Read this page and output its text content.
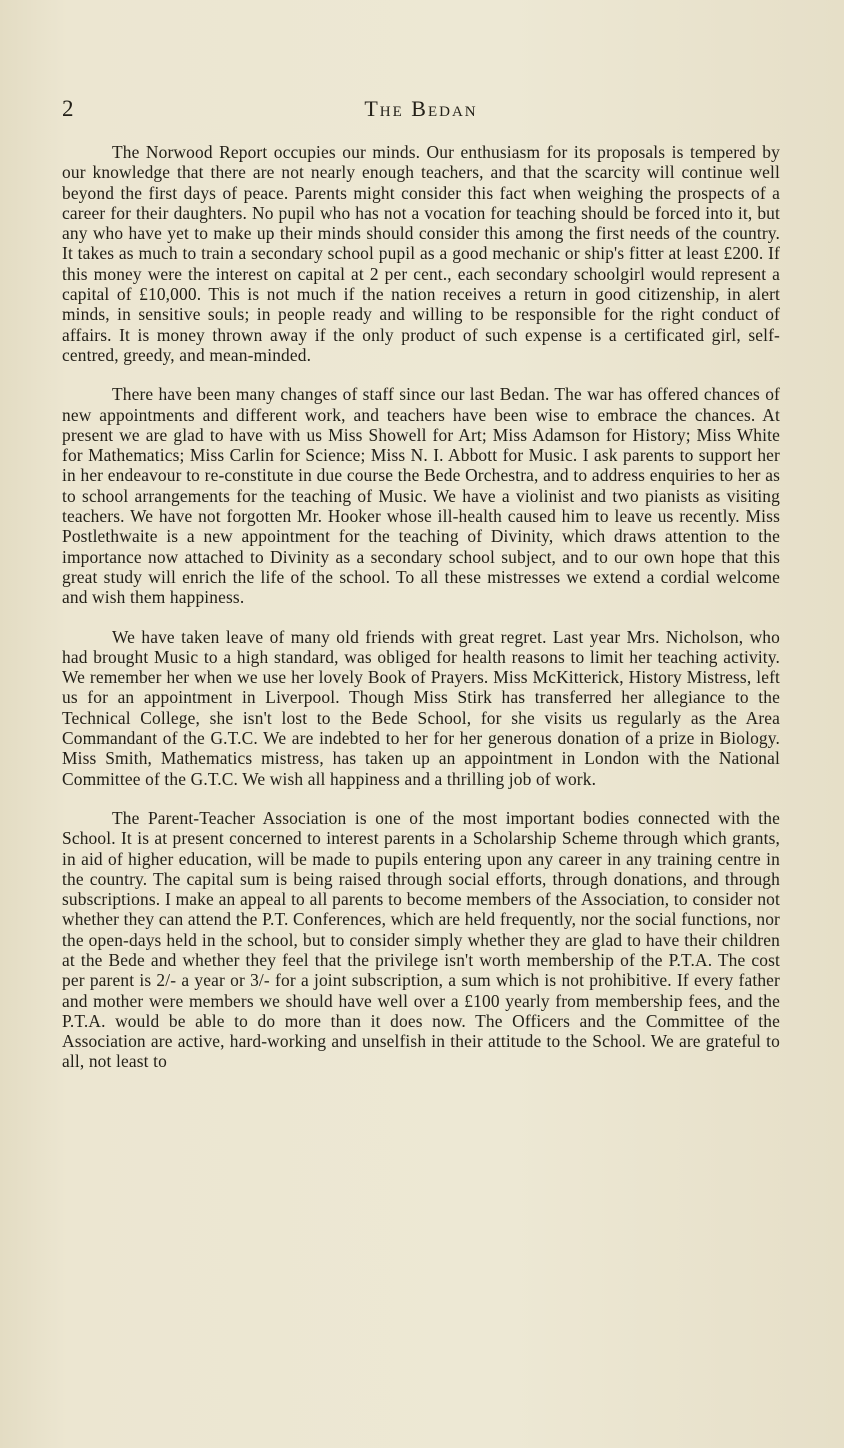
2	The Bedan

The Norwood Report occupies our minds. Our enthusiasm for its proposals is tempered by our knowledge that there are not nearly enough teachers, and that the scarcity will continue well beyond the first days of peace. Parents might consider this fact when weighing the prospects of a career for their daughters. No pupil who has not a vocation for teaching should be forced into it, but any who have yet to make up their minds should consider this among the first needs of the country. It takes as much to train a secondary school pupil as a good mechanic or ship's fitter at least £200. If this money were the interest on capital at 2 per cent., each secondary schoolgirl would represent a capital of £10,000. This is not much if the nation receives a return in good citizenship, in alert minds, in sensitive souls; in people ready and willing to be responsible for the right conduct of affairs. It is money thrown away if the only product of such expense is a certificated girl, self-centred, greedy, and mean-minded.

There have been many changes of staff since our last Bedan. The war has offered chances of new appointments and different work, and teachers have been wise to embrace the chances. At present we are glad to have with us Miss Showell for Art; Miss Adamson for History; Miss White for Mathematics; Miss Carlin for Science; Miss N. I. Abbott for Music. I ask parents to support her in her endeavour to re-constitute in due course the Bede Orchestra, and to address enquiries to her as to school arrangements for the teaching of Music. We have a violinist and two pianists as visiting teachers. We have not forgotten Mr. Hooker whose ill-health caused him to leave us recently. Miss Postlethwaite is a new appointment for the teaching of Divinity, which draws attention to the importance now attached to Divinity as a secondary school subject, and to our own hope that this great study will enrich the life of the school. To all these mistresses we extend a cordial welcome and wish them happiness.

We have taken leave of many old friends with great regret. Last year Mrs. Nicholson, who had brought Music to a high standard, was obliged for health reasons to limit her teaching activity. We remember her when we use her lovely Book of Prayers. Miss McKitterick, History Mistress, left us for an appointment in Liverpool. Though Miss Stirk has transferred her allegiance to the Technical College, she isn't lost to the Bede School, for she visits us regularly as the Area Commandant of the G.T.C. We are indebted to her for her generous donation of a prize in Biology. Miss Smith, Mathematics mistress, has taken up an appointment in London with the National Committee of the G.T.C. We wish all happiness and a thrilling job of work.

The Parent-Teacher Association is one of the most important bodies connected with the School. It is at present concerned to interest parents in a Scholarship Scheme through which grants, in aid of higher education, will be made to pupils entering upon any career in any training centre in the country. The capital sum is being raised through social efforts, through donations, and through subscriptions. I make an appeal to all parents to become members of the Association, to consider not whether they can attend the P.T. Conferences, which are held frequently, nor the social functions, nor the open-days held in the school, but to consider simply whether they are glad to have their children at the Bede and whether they feel that the privilege isn't worth membership of the P.T.A. The cost per parent is 2/- a year or 3/- for a joint subscription, a sum which is not prohibitive. If every father and mother were members we should have well over a £100 yearly from membership fees, and the P.T.A. would be able to do more than it does now. The Officers and the Committee of the Association are active, hard-working and unselfish in their attitude to the School. We are grateful to all, not least to
